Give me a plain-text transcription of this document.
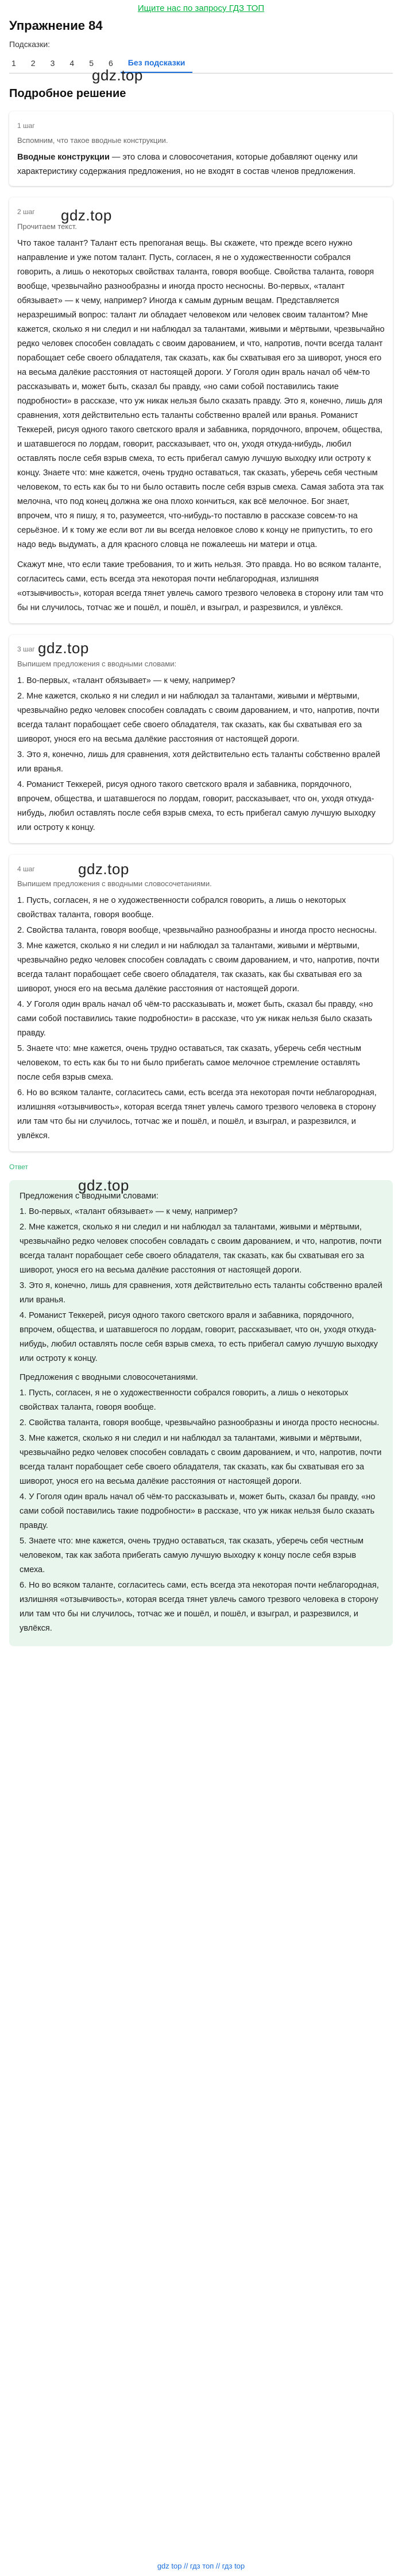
Ищите нас по запросу ГДЗ ТОП
Упражнение 84
Подсказки:
1	2	3	4	5	6	Без подсказки
Подробное решение
gdz.top
1 шаг
Вспомним, что такое вводные конструкции.
Вводные конструкции — это слова и словосочетания, которые добавляют оценку или характеристику содержания предложения, но не входят в состав членов предложения.
gdz.top
2 шаг
Прочитаем текст.

Что такое талант? Талант есть препоганая вещь. Вы скажете, что прежде всего нужно направление и уже потом талант. Пусть, согласен, я не о художественности собрался говорить, а лишь о некоторых свойствах таланта, говоря вообще. Свойства таланта, говоря вообще, чрезвычайно разнообразны и иногда просто несносны. Во-первых, «талант обязывает» — к чему, например? Иногда к самым дурным вещам. Представляется неразрешимый вопрос: талант ли обладает человеком или человек своим талантом? Мне кажется, сколько я ни следил и ни наблюдал за талантами, живыми и мёртвыми, чрезвычайно редко человек способен совладать с своим дарованием, и что, напротив, почти всегда талант порабощает себе своего обладателя, так сказать, как бы схватывая его за шиворот, унося его на весьма далёкие расстояния от настоящей дороги. У Гоголя один враль начал об чём-то рассказывать и, может быть, сказал бы правду, «но сами собой поставились такие подробности» в рассказе, что уж никак нельзя было сказать правду. Это я, конечно, лишь для сравнения, хотя действительно есть таланты собственно вралей или вранья. Романист Теккерей, рисуя одного такого светского враля и забавника, порядочного, впрочем, общества, и шатавшегося по лордам, говорит, рассказывает, что он, уходя откуда-нибудь, любил оставлять после себя взрыв смеха, то есть прибегал самую лучшую выходку или остроту к концу. Знаете что: мне кажется, очень трудно оставаться, так сказать, уберечь себя честным человеком, то есть как бы то ни было оставить после себя взрыв смеха. Самая забота эта так мелочна, что под конец должна же она плохо кончиться, как всё мелочное. Бог знает, впрочем, что я пишу, я то, разумеется, что-нибудь-то поставлю в рассказе совсем-то на серьёзное. И к тому же если вот ли вы всегда неловкое слово к концу не припустить, то его надо ведь выдумать, а для красного словца не пожалеешь ни матери и отца.

Скажут мне, что если такие требования, то и жить нельзя. Это правда. Но во всяком таланте, согласитесь сами, есть всегда эта некоторая почти неблагородная, излишняя «отзывчивость», которая всегда тянет увлечь самого трезвого человека в сторону или там что бы ни случилось, тотчас же и пошёл, и пошёл, и взыграл, и разрезвился, и увлёкся.

gdz.top
3 шаг
Выпишем предложения с вводными словами:

1. Во-первых, «талант обязывает» — к чему, например?

2. Мне кажется, сколько я ни следил и ни наблюдал за талантами, живыми и мёртвыми, чрезвычайно редко человек способен совладать с своим дарованием, и что, напротив, почти всегда талант порабощает себе своего обладателя, так сказать, как бы схватывая его за шиворот, унося его на весьма далёкие расстояния от настоящей дороги.

3. Это я, конечно, лишь для сравнения, хотя действительно есть таланты собственно вралей или вранья.

4. Романист Теккерей, рисуя одного такого светского враля и забавника, порядочного, впрочем, общества, и шатавшегося по лордам, говорит, рассказывает, что он, уходя откуда-нибудь, любил оставлять после себя взрыв смеха, то есть прибегал самую лучшую выходку или остроту к концу.

gdz.top
4 шаг
Выпишем предложения с вводными словосочетаниями.

1. Пусть, согласен, я не о художественности собрался говорить, а лишь о некоторых свойствах таланта, говоря вообще.

2. Свойства таланта, говоря вообще, чрезвычайно разнообразны и иногда просто несносны.

3. Мне кажется, сколько я ни следил и ни наблюдал за талантами, живыми и мёртвыми, чрезвычайно редко человек способен совладать с своим дарованием, и что, напротив, почти всегда талант порабощает себе своего обладателя, так сказать, как бы схватывая его за шиворот, унося его на весьма далёкие расстояния от настоящей дороги.

4. У Гоголя один враль начал об чём-то рассказывать и, может быть, сказал бы правду, «но сами собой поставились такие подробности» в рассказе, что уж никак нельзя было сказать правду.

5. Знаете что: мне кажется, очень трудно оставаться, так сказать, уберечь себя честным человеком, то есть как бы то ни было прибегать самое мелочное стремление оставлять после себя взрыв смеха.

6. Но во всяком таланте, согласитесь сами, есть всегда эта некоторая почти неблагородная, излишняя «отзывчивость», которая всегда тянет увлечь самого трезвого человека в сторону или там что бы ни случилось, тотчас же и пошёл, и пошёл, и взыграл, и разрезвился, и увлёкся.

Ответ
gdz.top

Предложения с вводными словами:

1. Во-первых, «талант обязывает» — к чему, например?

2. Мне кажется, сколько я ни следил и ни наблюдал за талантами, живыми и мёртвыми, чрезвычайно редко человек способен совладать с своим дарованием, и что, напротив, почти всегда талант порабощает себе своего обладателя, так сказать, как бы схватывая его за шиворот, унося его на весьма далёкие расстояния от настоящей дороги.

3. Это я, конечно, лишь для сравнения, хотя действительно есть таланты собственно вралей или вранья.

4. Романист Теккерей, рисуя одного такого светского враля и забавника, порядочного, впрочем, общества, и шатавшегося по лордам, говорит, рассказывает, что он, уходя откуда-нибудь, любил оставлять после себя взрыв смеха, то есть прибегал самую лучшую выходку или остроту к концу.

Предложения с вводными словосочетаниями.

1. Пусть, согласен, я не о художественности собрался говорить, а лишь о некоторых свойствах таланта, говоря вообще.

2. Свойства таланта, говоря вообще, чрезвычайно разнообразны и иногда просто несносны.

3. Мне кажется, сколько я ни следил и ни наблюдал за талантами, живыми и мёртвыми, чрезвычайно редко человек способен совладать с своим дарованием, и что, напротив, почти всегда талант порабощает себе своего обладателя, так сказать, как бы схватывая его за шиворот, унося его на весьма далёкие расстояния от настоящей дороги.

4. У Гоголя один враль начал об чём-то рассказывать и, может быть, сказал бы правду, «но сами собой поставились такие подробности» в рассказе, что уж никак нельзя было сказать правду.

5. Знаете что: мне кажется, очень трудно оставаться, так сказать, уберечь себя честным человеком, так как забота прибегать самую лучшую выходку к концу после себя взрыв смеха.

6. Но во всяком таланте, согласитесь сами, есть всегда эта некоторая почти неблагородная, излишняя «отзывчивость», которая всегда тянет увлечь самого трезвого человека в сторону или там что бы ни случилось, тотчас же и пошёл, и пошёл, и взыграл, и разрезвился, и увлёкся.

gdz top // гдз топ // гдз top
